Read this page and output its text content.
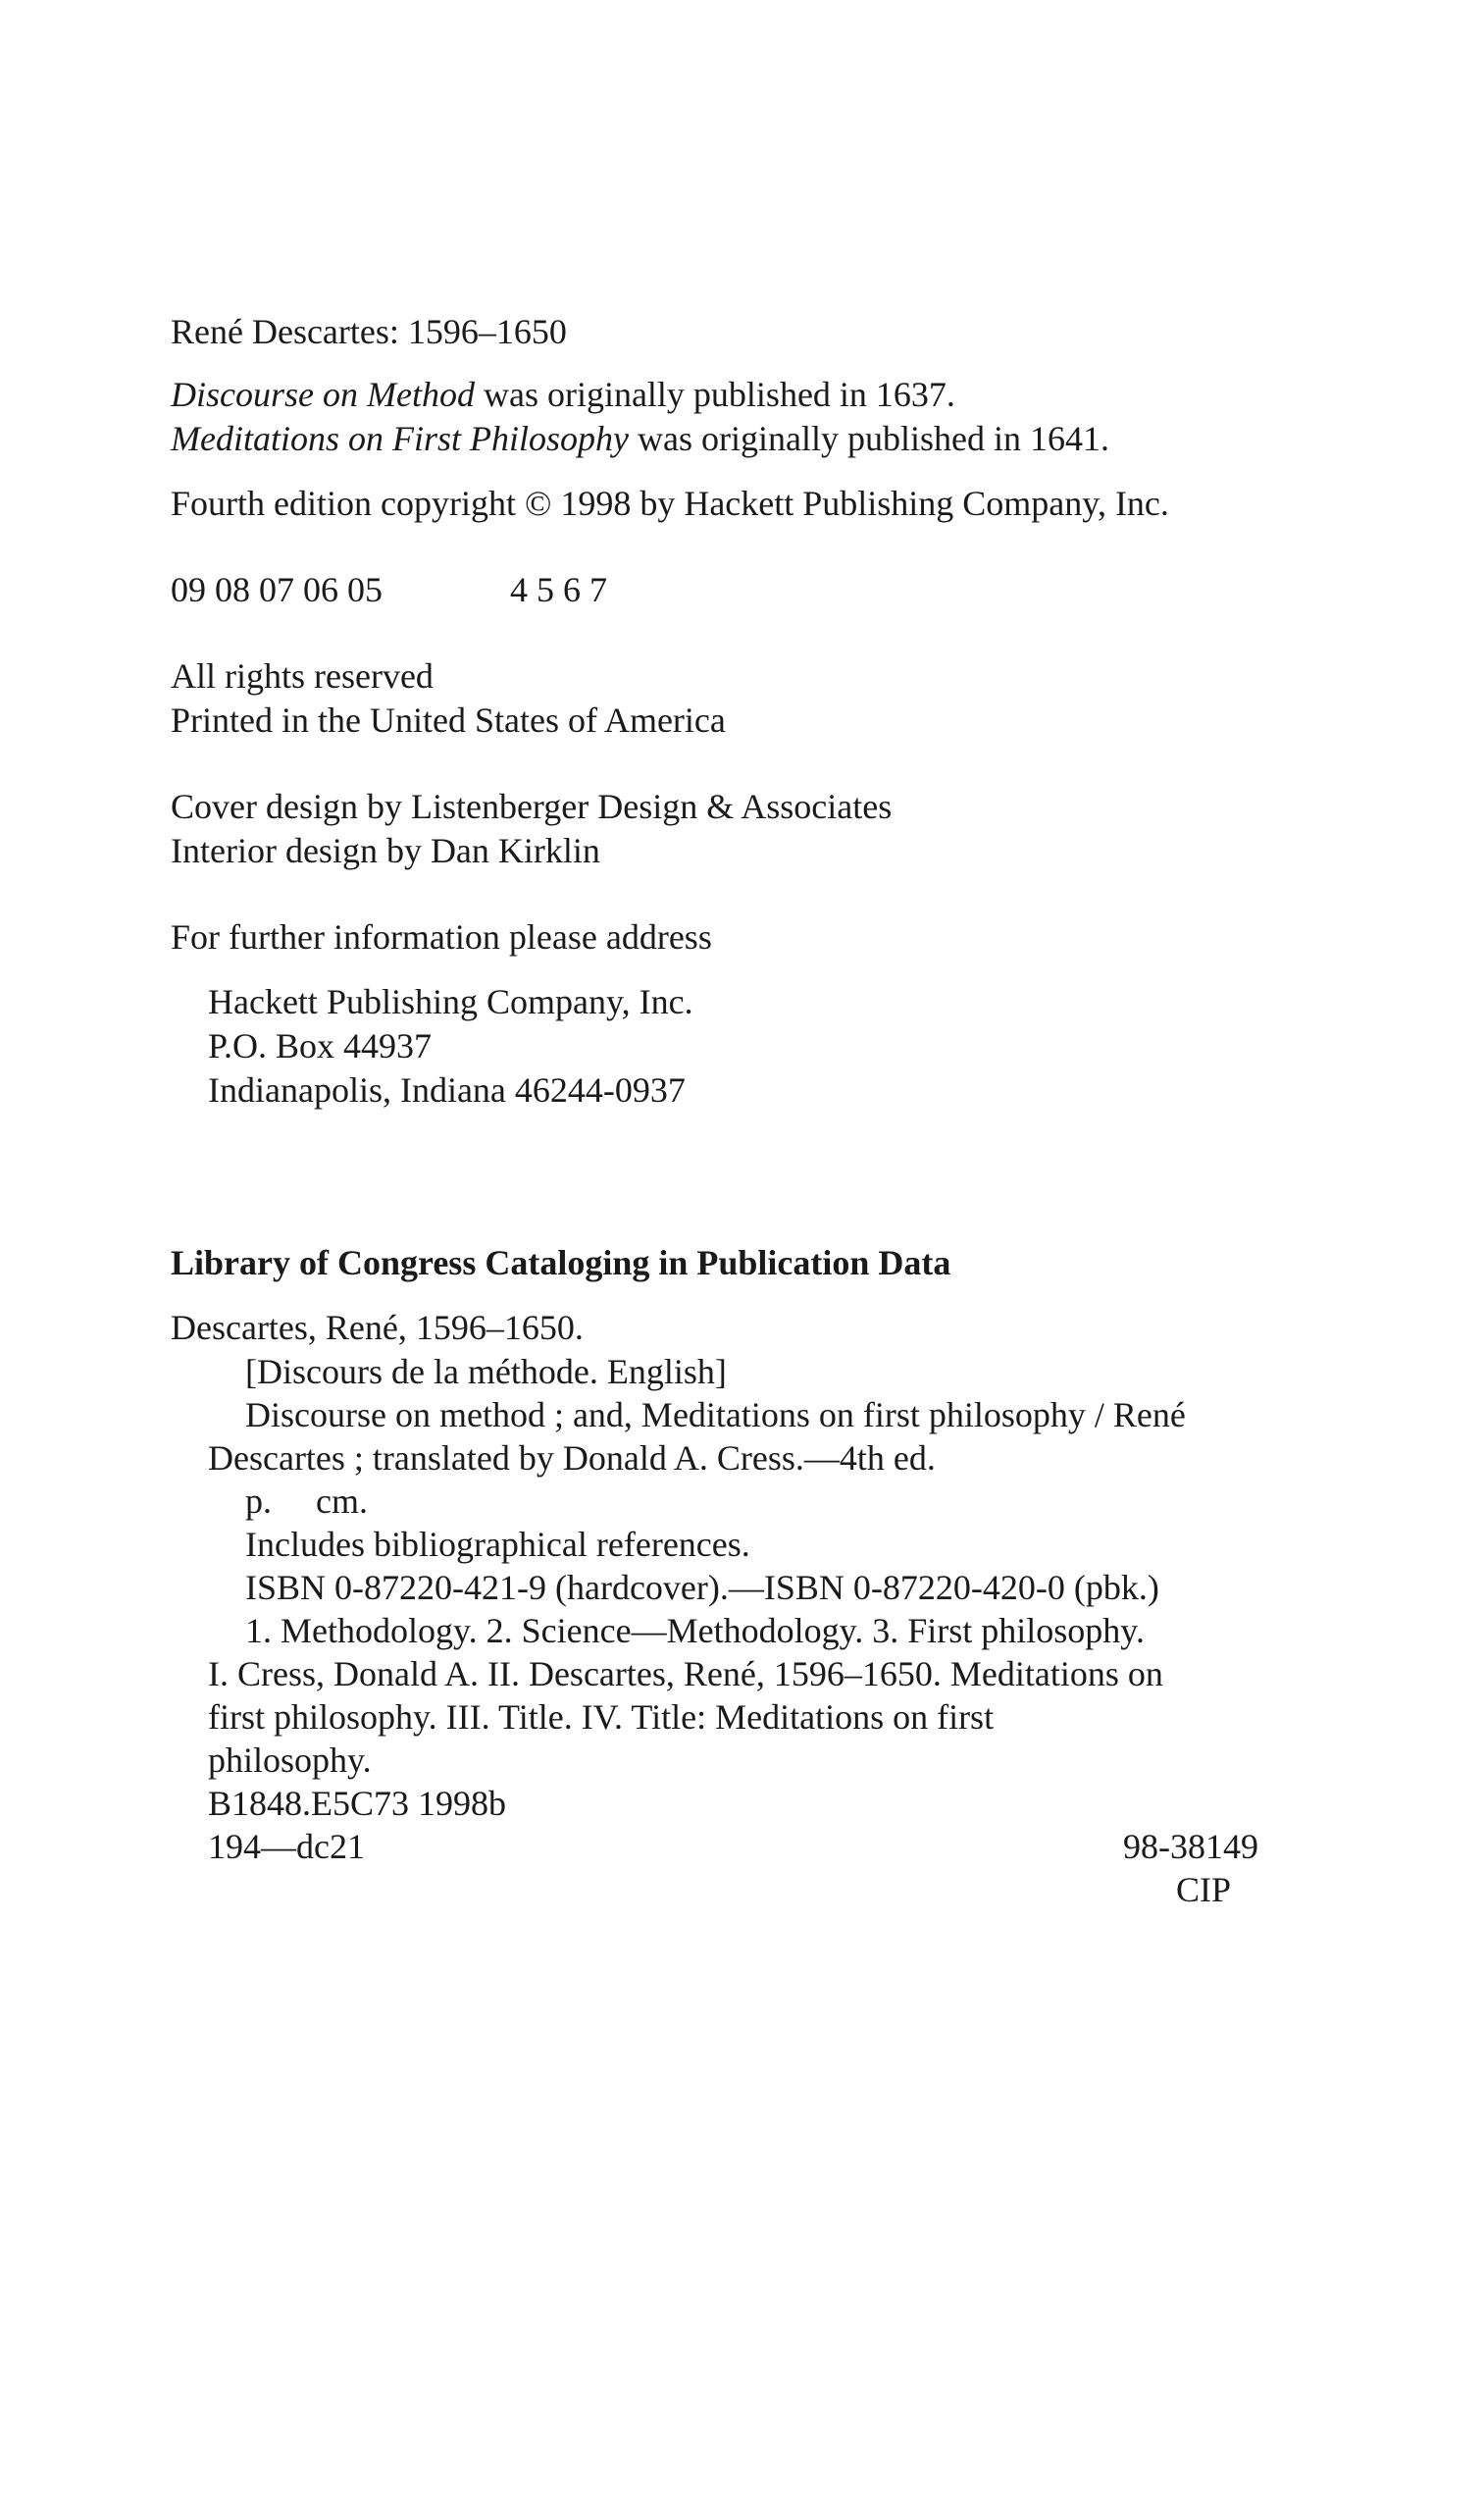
René Descartes: 1596–1650
Discourse on Method was originally published in 1637.
Meditations on First Philosophy was originally published in 1641.
Fourth edition copyright © 1998 by Hackett Publishing Company, Inc.
09 08 07 06 05	4 5 6 7
All rights reserved
Printed in the United States of America
Cover design by Listenberger Design & Associates
Interior design by Dan Kirklin
For further information please address
Hackett Publishing Company, Inc.
P.O. Box 44937
Indianapolis, Indiana 46244-0937
Library of Congress Cataloging in Publication Data
Descartes, René, 1596–1650.
[Discours de la méthode. English]
Discourse on method ; and, Meditations on first philosophy / René
Descartes ; translated by Donald A. Cress.—4th ed.
p. cm.
Includes bibliographical references.
ISBN 0-87220-421-9 (hardcover).—ISBN 0-87220-420-0 (pbk.)
1. Methodology. 2. Science—Methodology. 3. First philosophy.
I. Cress, Donald A. II. Descartes, René, 1596–1650. Meditations on
first philosophy. III. Title. IV. Title: Meditations on first
philosophy.
B1848.E5C73 1998b
194—dc21	98-38149
CIP
